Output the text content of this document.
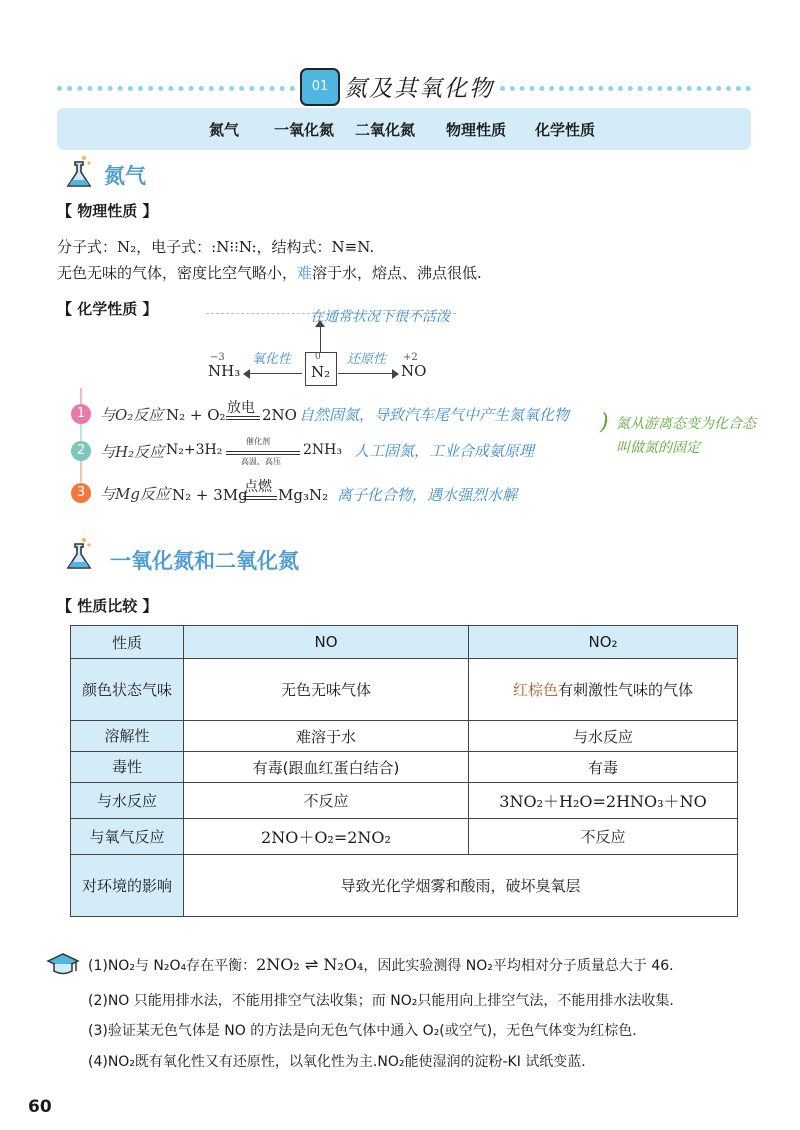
01 氮及其氧化物
氮气 一氧化氮 二氧化氮 物理性质 化学性质
氮气
【 物理性质 】
分子式：N₂，电子式：:N⁝⁝N:，结构式：N≡N.
无色无味的气体，密度比空气略小，难溶于水，熔点、沸点很低.
【 化学性质 】	在通常状况下很不活泼
−3
NH₃
氧化性	0
N₂
还原性 +2
NO
1 与O₂反应 N₂ + O₂ 放电 2NO 自然固氮，导致汽车尾气中产生氮氧化物
2 与H₂反应 N₂+3H₂
催化剂
高温、高压
2NH₃ 人工固氮，工业合成氨原理
3 与Mg反应 N₂ + 3Mg
点燃 Mg₃N₂ 离子化合物，遇水强烈水解
) 氮从游离态变为化合态叫做氮的固定
一氧化氮和二氧化氮
【 性质比较 】
性质	NO	NO₂
颜色状态气味	无色无味气体	红棕色有刺激性气味的气体
溶解性	难溶于水	与水反应
毒性	有毒(跟血红蛋白结合)	有毒
与水反应	不反应	3NO₂＋H₂O=2HNO₃＋NO
与氧气反应	2NO＋O₂=2NO₂	不反应
对环境的影响	导致光化学烟雾和酸雨，破坏臭氧层	
(1)NO₂与 N₂O₄存在平衡：2NO₂ ⇌ N₂O₄，因此实验测得 NO₂平均相对分子质量总大于 46.
(2)NO 只能用排水法，不能用排空气法收集；而 NO₂只能用向上排空气法，不能用排水法收集.
(3)验证某无色气体是 NO 的方法是向无色气体中通入 O₂(或空气)，无色气体变为红棕色.
(4)NO₂既有氧化性又有还原性，以氧化性为主.NO₂能使湿润的淀粉-KI 试纸变蓝.
60
